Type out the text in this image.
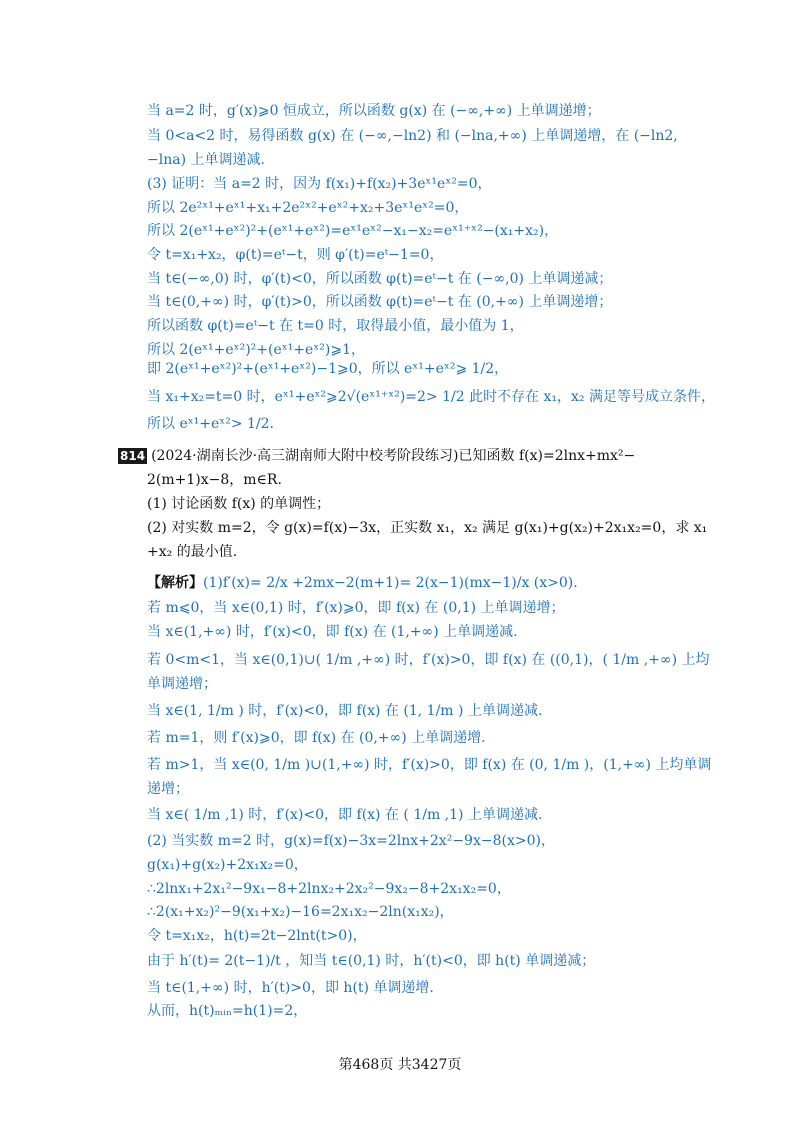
当 a=2 时，g′(x)⩾0 恒成立，所以函数 g(x) 在 (−∞,+∞) 上单调递增；
当 0<a<2 时，易得函数 g(x) 在 (−∞,−ln2) 和 (−lna,+∞) 上单调递增，在 (−ln2,
−lna) 上单调递减.
(3) 证明：当 a=2 时，因为 f(x₁)+f(x₂)+3eˣ¹eˣ²=0，
所以 2e²ˣ¹+eˣ¹+x₁+2e²ˣ²+eˣ²+x₂+3eˣ¹eˣ²=0，
所以 2(eˣ¹+eˣ²)²+(eˣ¹+eˣ²)=eˣ¹eˣ²−x₁−x₂=eˣ¹⁺ˣ²−(x₁+x₂)，
令 t=x₁+x₂，φ(t)=eᵗ−t，则 φ′(t)=eᵗ−1=0，
当 t∈(−∞,0) 时，φ′(t)<0，所以函数 φ(t)=eᵗ−t 在 (−∞,0) 上单调递减；
当 t∈(0,+∞) 时，φ′(t)>0，所以函数 φ(t)=eᵗ−t 在 (0,+∞) 上单调递增；
所以函数 φ(t)=eᵗ−t 在 t=0 时，取得最小值，最小值为 1，
所以 2(eˣ¹+eˣ²)²+(eˣ¹+eˣ²)⩾1，
即 2(eˣ¹+eˣ²)²+(eˣ¹+eˣ²)−1⩾0，所以 eˣ¹+eˣ²⩾ 1/2，
当 x₁+x₂=t=0 时，eˣ¹+eˣ²⩾2√(eˣ¹⁺ˣ²)=2> 1/2 此时不存在 x₁，x₂ 满足等号成立条件，
所以 eˣ¹+eˣ²> 1/2.
814 (2024·湖南长沙·高三湖南师大附中校考阶段练习)已知函数 f(x)=2lnx+mx²−
2(m+1)x−8，m∈R.
(1) 讨论函数 f(x) 的单调性；
(2) 对实数 m=2，令 g(x)=f(x)−3x，正实数 x₁，x₂ 满足 g(x₁)+g(x₂)+2x₁x₂=0，求 x₁
+x₂ 的最小值.
【解析】(1)f′(x)= 2/x +2mx−2(m+1)= 2(x−1)(mx−1)/x (x>0).
若 m⩽0，当 x∈(0,1) 时，f′(x)⩾0，即 f(x) 在 (0,1) 上单调递增；
当 x∈(1,+∞) 时，f′(x)<0，即 f(x) 在 (1,+∞) 上单调递减.
若 0<m<1，当 x∈(0,1)∪( 1/m ,+∞) 时，f′(x)>0，即 f(x) 在 ((0,1)，( 1/m ,+∞) 上均
单调递增；
当 x∈(1, 1/m ) 时，f′(x)<0，即 f(x) 在 (1, 1/m ) 上单调递减.
若 m=1，则 f′(x)⩾0，即 f(x) 在 (0,+∞) 上单调递增.
若 m>1，当 x∈(0, 1/m )∪(1,+∞) 时，f′(x)>0，即 f(x) 在 (0, 1/m )，(1,+∞) 上均单调
递增；
当 x∈( 1/m ,1) 时，f′(x)<0，即 f(x) 在 ( 1/m ,1) 上单调递减.
(2) 当实数 m=2 时，g(x)=f(x)−3x=2lnx+2x²−9x−8(x>0)，
g(x₁)+g(x₂)+2x₁x₂=0，
∴2lnx₁+2x₁²−9x₁−8+2lnx₂+2x₂²−9x₂−8+2x₁x₂=0，
∴2(x₁+x₂)²−9(x₁+x₂)−16=2x₁x₂−2ln(x₁x₂)，
令 t=x₁x₂，h(t)=2t−2lnt(t>0)，
由于 h′(t)= 2(t−1)/t ，知当 t∈(0,1) 时，h′(t)<0，即 h(t) 单调递减；
当 t∈(1,+∞) 时，h′(t)>0，即 h(t) 单调递增.
从而，h(t)ₘᵢₙ=h(1)=2，
第468页 共3427页
